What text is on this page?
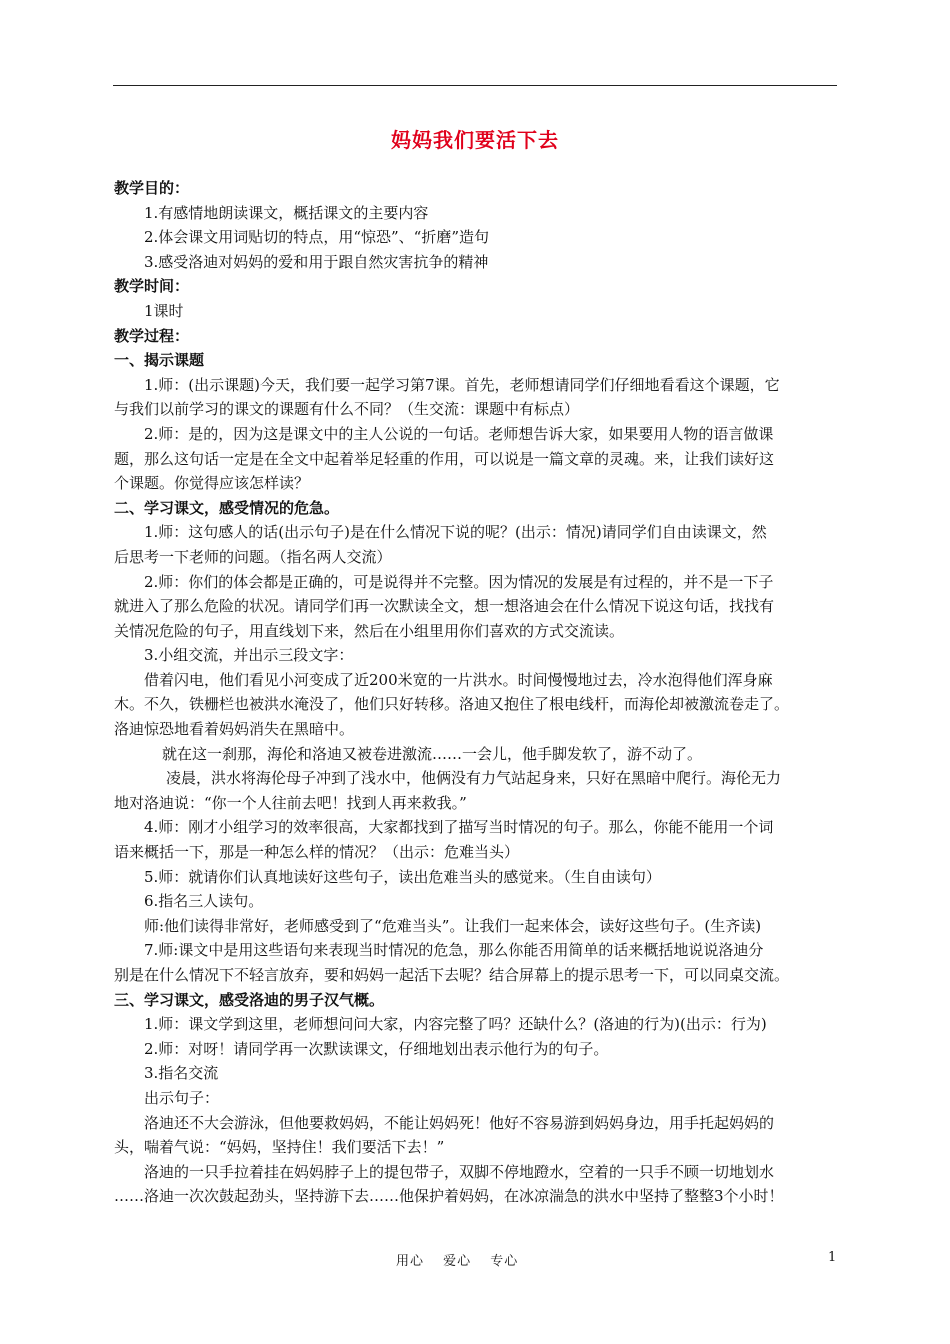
妈妈我们要活下去
教学目的：
1.有感情地朗读课文，概括课文的主要内容
2.体会课文用词贴切的特点，用“惊恐”、“折磨”造句
3.感受洛迪对妈妈的爱和用于跟自然灾害抗争的精神
教学时间：
1课时
教学过程：
一、揭示课题
1.师：(出示课题)今天，我们要一起学习第7课。首先，老师想请同学们仔细地看看这个课题，它
与我们以前学习的课文的课题有什么不同？（生交流：课题中有标点）
2.师：是的，因为这是课文中的主人公说的一句话。老师想告诉大家，如果要用人物的语言做课
题，那么这句话一定是在全文中起着举足轻重的作用，可以说是一篇文章的灵魂。来，让我们读好这
个课题。你觉得应该怎样读？
二、学习课文，感受情况的危急。
1.师：这句感人的话(出示句子)是在什么情况下说的呢？(出示：情况)请同学们自由读课文，然
后思考一下老师的问题。（指名两人交流）
2.师：你们的体会都是正确的，可是说得并不完整。因为情况的发展是有过程的，并不是一下子
就进入了那么危险的状况。请同学们再一次默读全文，想一想洛迪会在什么情况下说这句话，找找有
关情况危险的句子，用直线划下来，然后在小组里用你们喜欢的方式交流读。
3.小组交流，并出示三段文字：
借着闪电，他们看见小河变成了近200米宽的一片洪水。时间慢慢地过去，冷水泡得他们浑身麻
木。不久，铁栅栏也被洪水淹没了，他们只好转移。洛迪又抱住了根电线杆，而海伦却被激流卷走了。
洛迪惊恐地看着妈妈消失在黑暗中。
就在这一刹那，海伦和洛迪又被卷进激流……一会儿，他手脚发软了，游不动了。
凌晨，洪水将海伦母子冲到了浅水中，他俩没有力气站起身来，只好在黑暗中爬行。海伦无力
地对洛迪说：“你一个人往前去吧！找到人再来救我。”
4.师：刚才小组学习的效率很高，大家都找到了描写当时情况的句子。那么，你能不能用一个词
语来概括一下，那是一种怎么样的情况？（出示：危难当头）
5.师：就请你们认真地读好这些句子，读出危难当头的感觉来。（生自由读句）
6.指名三人读句。
师:他们读得非常好，老师感受到了“危难当头”。让我们一起来体会，读好这些句子。(生齐读)
7.师:课文中是用这些语句来表现当时情况的危急，那么你能否用简单的话来概括地说说洛迪分
别是在什么情况下不轻言放弃，要和妈妈一起活下去呢？结合屏幕上的提示思考一下，可以同桌交流。
三、学习课文，感受洛迪的男子汉气概。
1.师：课文学到这里，老师想问问大家，内容完整了吗？还缺什么？(洛迪的行为)(出示：行为)
2.师：对呀！请同学再一次默读课文，仔细地划出表示他行为的句子。
3.指名交流
出示句子：
洛迪还不大会游泳，但他要救妈妈，不能让妈妈死！他好不容易游到妈妈身边，用手托起妈妈的
头，喘着气说：“妈妈，坚持住！我们要活下去！”
洛迪的一只手拉着挂在妈妈脖子上的提包带子，双脚不停地蹬水，空着的一只手不顾一切地划水
……洛迪一次次鼓起劲头，坚持游下去……他保护着妈妈，在冰凉湍急的洪水中坚持了整整3个小时！
用心　 爱心　 专心	1
